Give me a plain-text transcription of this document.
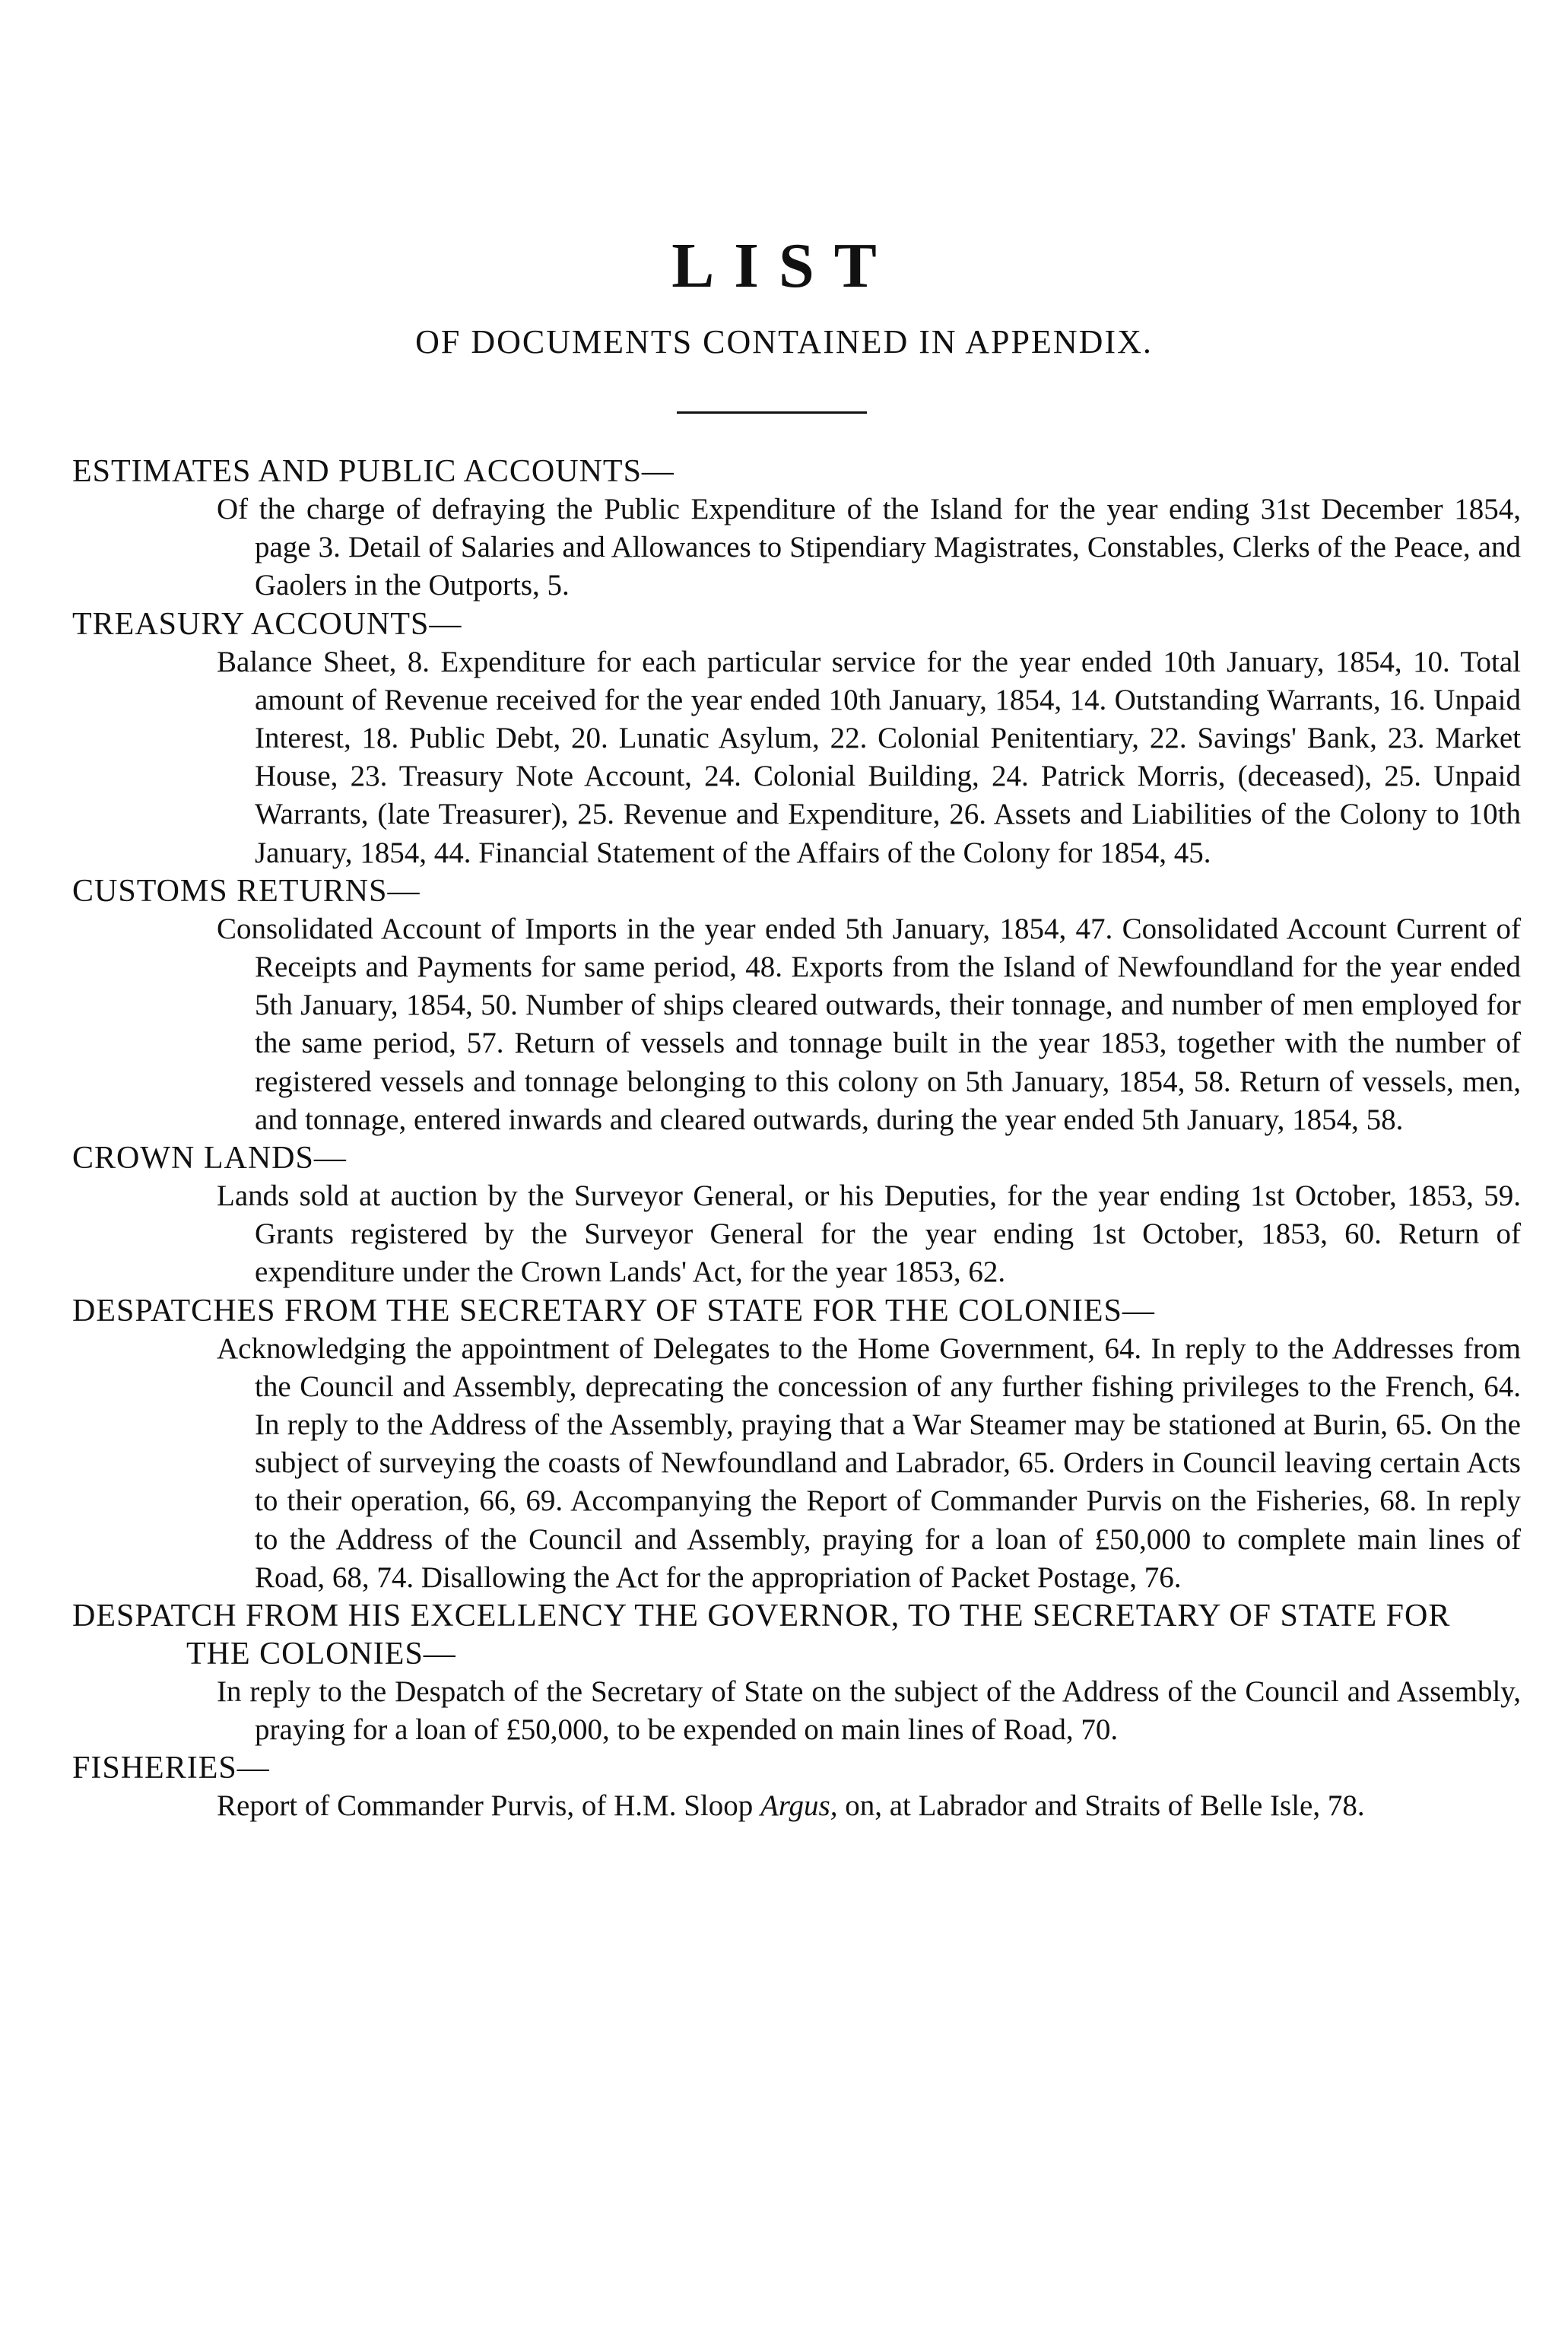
LIST
OF DOCUMENTS CONTAINED IN APPENDIX.

ESTIMATES AND PUBLIC ACCOUNTS—

Of the charge of defraying the Public Expenditure of the Island for the year ending 31st December 1854, page 3. Detail of Salaries and Allowances to Stipendiary Magistrates, Constables, Clerks of the Peace, and Gaolers in the Outports, 5.

TREASURY ACCOUNTS—

Balance Sheet, 8. Expenditure for each particular service for the year ended 10th January, 1854, 10. Total amount of Revenue received for the year ended 10th January, 1854, 14. Outstanding Warrants, 16. Unpaid Interest, 18. Public Debt, 20. Lunatic Asylum, 22. Colonial Penitentiary, 22. Savings' Bank, 23. Market House, 23. Treasury Note Account, 24. Colonial Building, 24. Patrick Morris, (deceased), 25. Unpaid Warrants, (late Treasurer), 25. Revenue and Expenditure, 26. Assets and Liabilities of the Colony to 10th January, 1854, 44. Financial Statement of the Affairs of the Colony for 1854, 45.

CUSTOMS RETURNS—

Consolidated Account of Imports in the year ended 5th January, 1854, 47. Consolidated Account Current of Receipts and Payments for same period, 48. Exports from the Island of Newfoundland for the year ended 5th January, 1854, 50. Number of ships cleared outwards, their tonnage, and number of men employed for the same period, 57. Return of vessels and tonnage built in the year 1853, together with the number of registered vessels and tonnage belonging to this colony on 5th January, 1854, 58. Return of vessels, men, and tonnage, entered inwards and cleared outwards, during the year ended 5th January, 1854, 58.

CROWN LANDS—

Lands sold at auction by the Surveyor General, or his Deputies, for the year ending 1st October, 1853, 59. Grants registered by the Surveyor General for the year ending 1st October, 1853, 60. Return of expenditure under the Crown Lands' Act, for the year 1853, 62.

DESPATCHES FROM THE SECRETARY OF STATE FOR THE COLONIES—

Acknowledging the appointment of Delegates to the Home Government, 64. In reply to the Addresses from the Council and Assembly, deprecating the concession of any further fishing privileges to the French, 64. In reply to the Address of the Assembly, praying that a War Steamer may be stationed at Burin, 65. On the subject of surveying the coasts of Newfoundland and Labrador, 65. Orders in Council leaving certain Acts to their operation, 66, 69. Accompanying the Report of Commander Purvis on the Fisheries, 68. In reply to the Address of the Council and Assembly, praying for a loan of £50,000 to complete main lines of Road, 68, 74. Disallowing the Act for the appropriation of Packet Postage, 76.

DESPATCH FROM HIS EXCELLENCY THE GOVERNOR, TO THE SECRETARY OF STATE FOR THE COLONIES—

In reply to the Despatch of the Secretary of State on the subject of the Address of the Council and Assembly, praying for a loan of £50,000, to be expended on main lines of Road, 70.

FISHERIES—

Report of Commander Purvis, of H.M. Sloop Argus, on, at Labrador and Straits of Belle Isle, 78.
